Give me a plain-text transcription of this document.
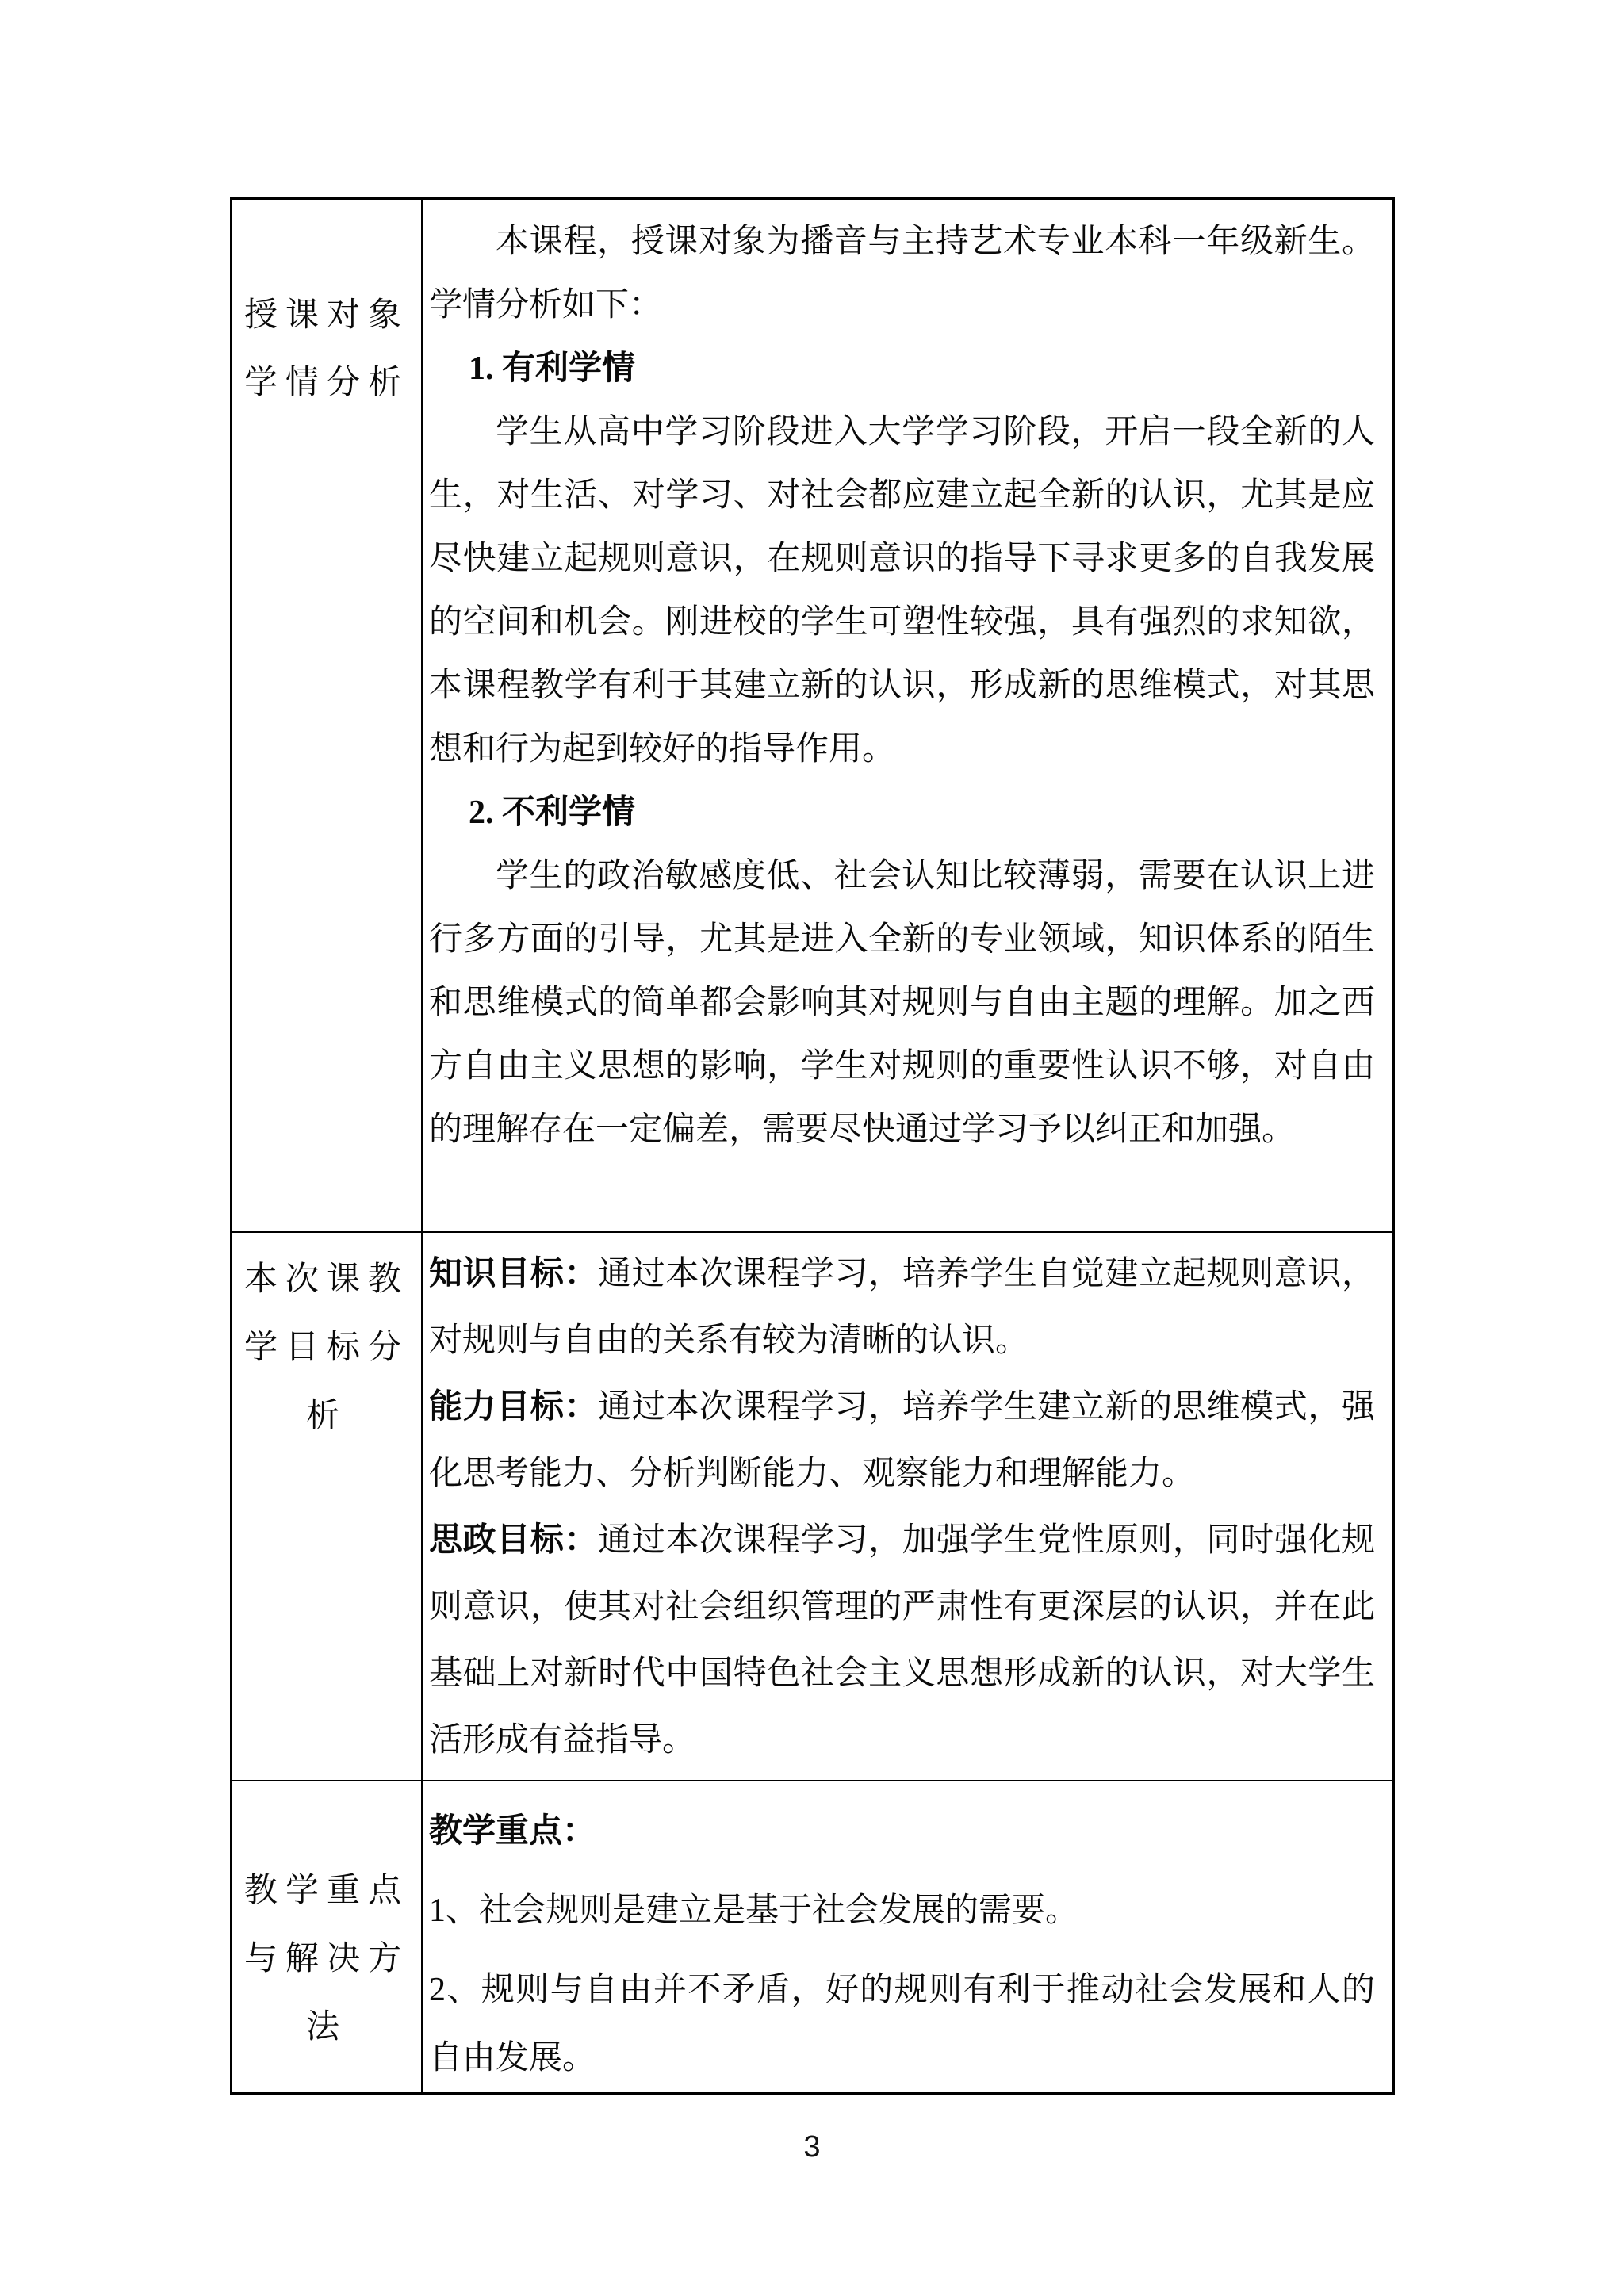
授课对象
学情分析

本课程，授课对象为播音与主持艺术专业本科一年级新生。学情分析如下：

1. 有利学情

学生从高中学习阶段进入大学学习阶段，开启一段全新的人生，对生活、对学习、对社会都应建立起全新的认识，尤其是应尽快建立起规则意识，在规则意识的指导下寻求更多的自我发展的空间和机会。刚进校的学生可塑性较强，具有强烈的求知欲，本课程教学有利于其建立新的认识，形成新的思维模式，对其思想和行为起到较好的指导作用。

2. 不利学情

学生的政治敏感度低、社会认知比较薄弱，需要在认识上进行多方面的引导，尤其是进入全新的专业领域，知识体系的陌生和思维模式的简单都会影响其对规则与自由主题的理解。加之西方自由主义思想的影响，学生对规则的重要性认识不够，对自由的理解存在一定偏差，需要尽快通过学习予以纠正和加强。

本次课教
学目标分
析

知识目标：通过本次课程学习，培养学生自觉建立起规则意识，对规则与自由的关系有较为清晰的认识。

能力目标：通过本次课程学习，培养学生建立新的思维模式，强化思考能力、分析判断能力、观察能力和理解能力。

思政目标：通过本次课程学习，加强学生党性原则，同时强化规则意识，使其对社会组织管理的严肃性有更深层的认识，并在此基础上对新时代中国特色社会主义思想形成新的认识，对大学生活形成有益指导。

教学重点
与解决方
法

教学重点：

1、社会规则是建立是基于社会发展的需要。

2、规则与自由并不矛盾，好的规则有利于推动社会发展和人的自由发展。

3
